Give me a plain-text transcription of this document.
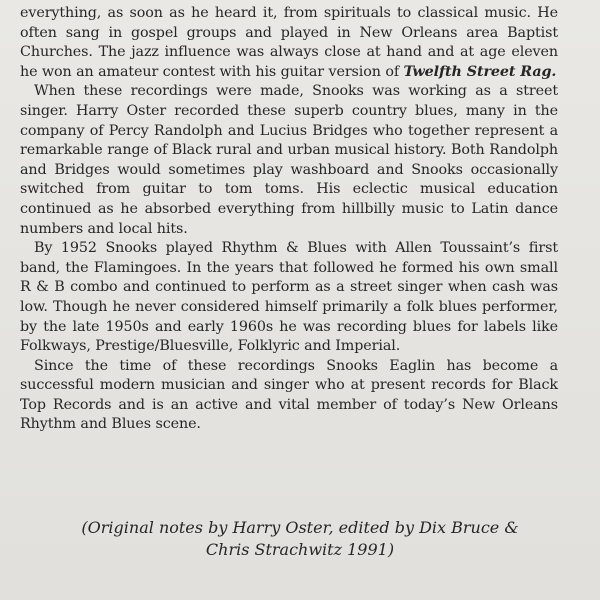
everything, as soon as he heard it, from spirituals to classical music. He often sang in gospel groups and played in New Orleans area Baptist Churches. The jazz influence was always close at hand and at age eleven he won an amateur contest with his guitar version of Twelfth Street Rag.

When these recordings were made, Snooks was working as a street singer. Harry Oster recorded these superb country blues, many in the company of Percy Randolph and Lucius Bridges who together represent a remarkable range of Black rural and urban musical history. Both Randolph and Bridges would sometimes play washboard and Snooks occasionally switched from guitar to tom toms. His eclectic musical education continued as he absorbed everything from hillbilly music to Latin dance numbers and local hits.

By 1952 Snooks played Rhythm & Blues with Allen Toussaint’s first band, the Flamingoes. In the years that followed he formed his own small R & B combo and continued to perform as a street singer when cash was low. Though he never considered himself primarily a folk blues performer, by the late 1950s and early 1960s he was recording blues for labels like Folkways, Prestige/Bluesville, Folklyric and Imperial.

Since the time of these recordings Snooks Eaglin has become a successful modern musician and singer who at present records for Black Top Records and is an active and vital member of today’s New Orleans Rhythm and Blues scene.

(Original notes by Harry Oster, edited by Dix Bruce &
Chris Strachwitz 1991)
